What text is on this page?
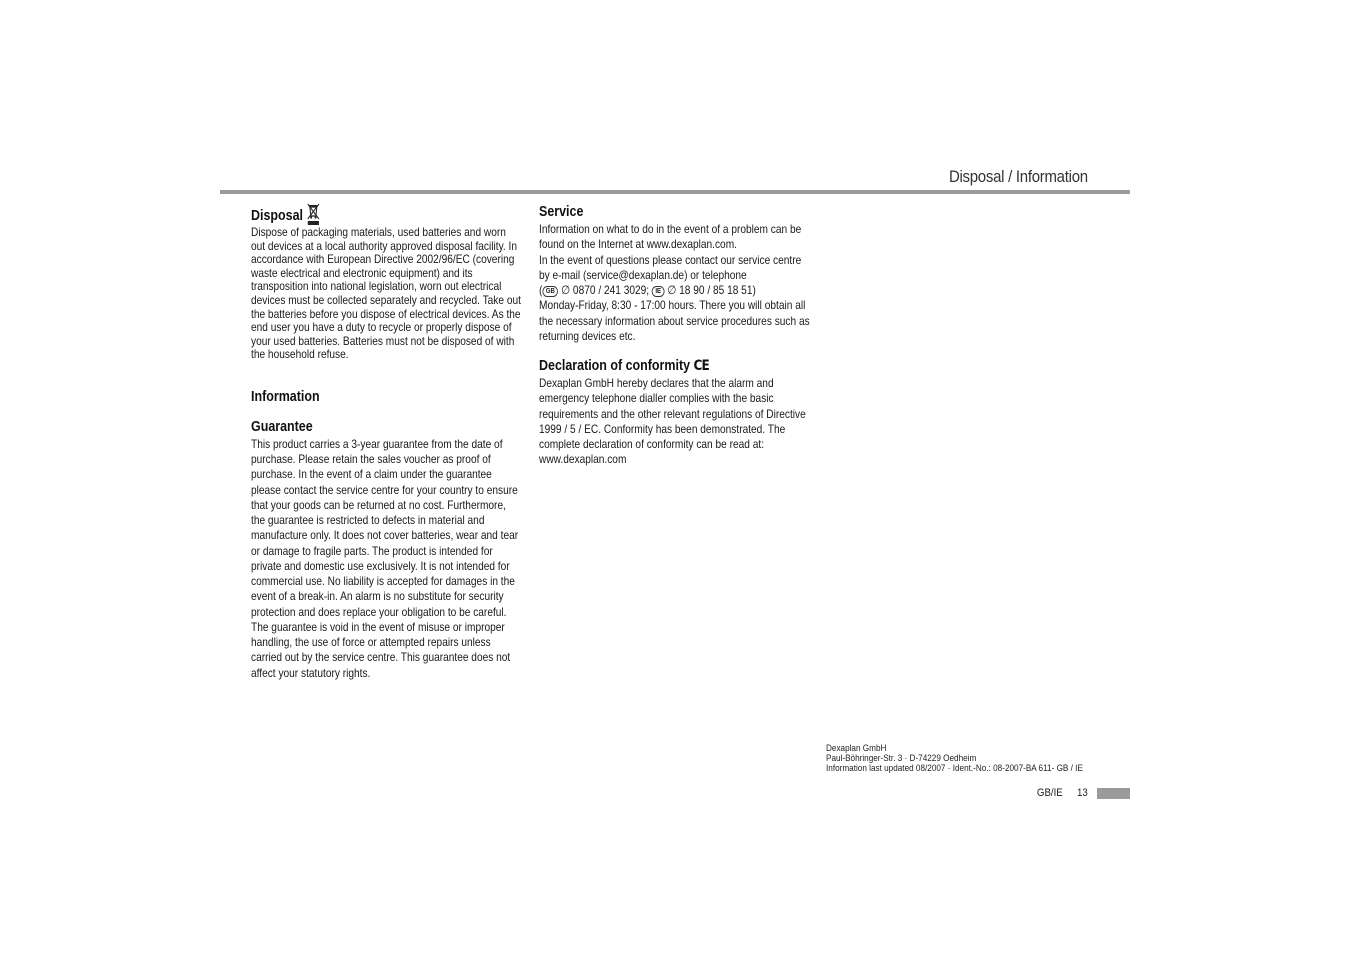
Disposal / Information
Disposal

Dispose of packaging materials, used batteries and worn out devices at a local authority approved disposal facility. In accordance with European Directive 2002/96/EC (covering waste electrical and electronic equipment) and its transposition into national legislation, worn out electrical devices must be collected separately and recycled. Take out the batteries before you dispose of electrical devices. As the end user you have a duty to recycle or properly dispose of your used batteries. Batteries must not be disposed of with the household refuse.

Information
Guarantee

This product carries a 3-year guarantee from the date of purchase. Please retain the sales voucher as proof of purchase. In the event of a claim under the guarantee please contact the service centre for your country to ensure that your goods can be returned at no cost. Furthermore, the guarantee is restricted to defects in material and manufacture only. It does not cover batteries, wear and tear or damage to fragile parts. The product is intended for private and domestic use exclusively. It is not intended for commercial use. No liability is accepted for damages in the event of a break-in. An alarm is no substitute for security protection and does replace your obligation to be careful. The guarantee is void in the event of misuse or improper handling, the use of force or attempted repairs unless carried out by the service centre. This guarantee does not affect your statutory rights.

Service

Information on what to do in the event of a problem can be found on the Internet at www.dexaplan.com.

In the event of questions please contact our service centre by e-mail (service@dexaplan.de) or telephone

( GB ∅ 0870 / 241 3029; IE ∅ 18 90 / 85 18 51)

Monday-Friday, 8:30 - 17:00 hours. There you will obtain all the necessary information about service procedures such as returning devices etc.

Declaration of conformity CE

Dexaplan GmbH hereby declares that the alarm and emergency telephone dialler complies with the basic requirements and the other relevant regulations of Directive 1999 / 5 / EC. Conformity has been demonstrated. The complete declaration of conformity can be read at: www.dexaplan.com

Dexaplan GmbH
Paul-Böhringer-Str. 3 · D-74229 Oedheim
Information last updated 08/2007 · Ident.-No.: 08-2007-BA 611- GB / IE
GB/IE 13
